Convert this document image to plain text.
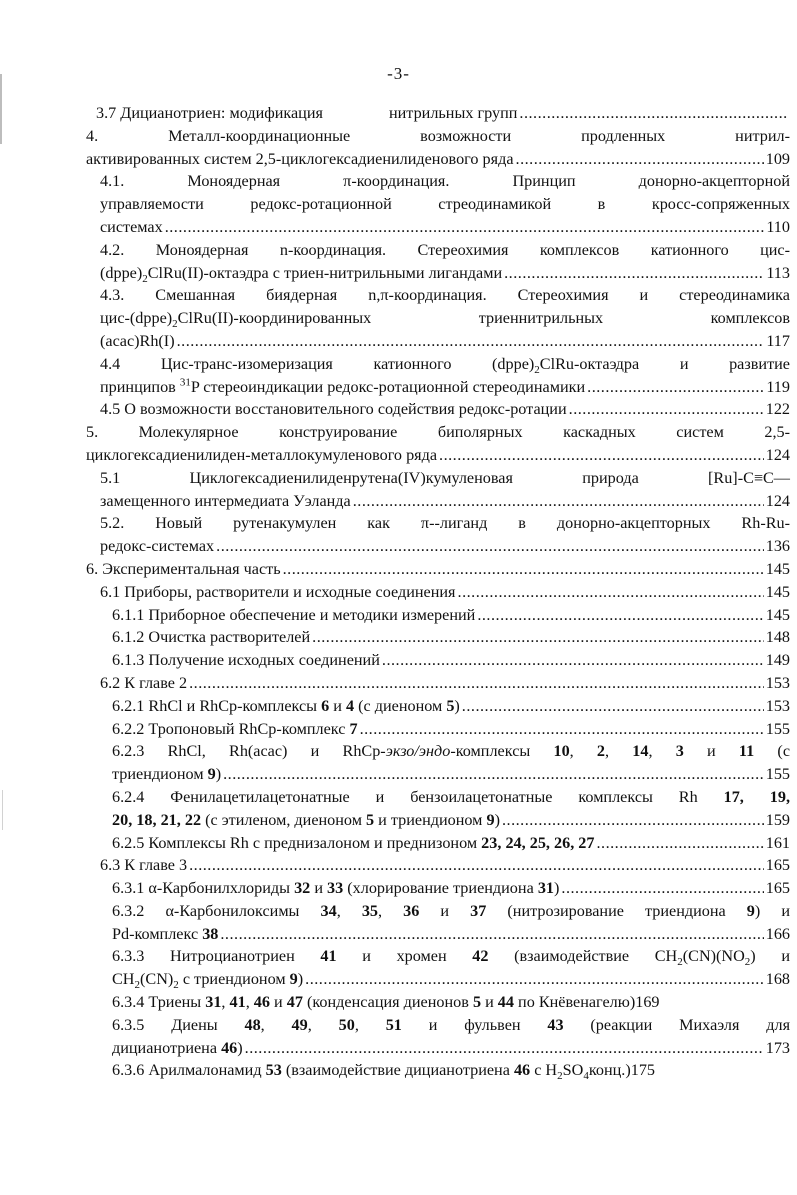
-3-
3.7 Дицианотриен: модификация	нитрильных групп
.....
4. Металл-координационные возможности продленных нитрил-
активированных систем 2,5-циклогексадиенилиденового ряда .....	109
4.1. Моноядерная π-координация. Принцип донорно-акцепторной
управляемости редокс-ротационной стреодинамикой в кросс-сопряженных
системах .....	110
4.2. Моноядерная n-координация. Стереохимия комплексов катионного цис-
$(dppe)_2ClRu(II)$-октаэдра с триен-нитрильными лигандами .....	113
4.3. Смешанная биядерная n,π-координация. Стереохимия и стереодинамика
цис-$(dppe)_2ClRu(II)$-координированных триеннитрильных комплексов
(acac)Rh(I) .....	117
4.4 Цис-транс-изомеризация катионного $(dppe)_2ClRu$-октаэдра и развитие
принципов $^{31}$P стереоиндикации редокс-ротационной стереодинамики .....	119
4.5 О возможности восстановительного содействия редокс-ротации .....	122
5. Молекулярное конструирование биполярных каскадных систем 2,5-
циклогексадиенилиден-металлокумуленового ряда .....	124
5.1 Циклогексадиенилиденрутена(IV)кумуленовая природа [Ru]-C≡C—
замещенного интермедиата Уэланда .....	124
5.2. Новый рутенакумулен как π--лиганд в донорно-акцепторных Rh-Ru-
редокс-системах .....	136
6. Экспериментальная часть .....	145
6.1 Приборы, растворители и исходные соединения .....	145
6.1.1 Приборное обеспечение и методики измерений .....	145
6.1.2 Очистка растворителей .....	148
6.1.3 Получение исходных соединений .....	149
6.2 К главе 2 .....	153
6.2.1 RhCl и RhCp-комплексы 6 и 4 (с диеноном 5) .....	153
6.2.2 Тропоновый RhCp-комплекс 7 .....	155
6.2.3 RhCl, Rh(acac) и RhCp-экзо/эндо-комплексы 10, 2, 14, 3 и 11 (с
триендионом 9) .....	155
6.2.4 Фенилацетилацетонатные и бензоилацетонатные комплексы Rh 17, 19,
20, 18, 21, 22 (с этиленом, диеноном 5 и триендионом 9) .....	159
6.2.5 Комплексы Rh с преднизалоном и преднизоном 23, 24, 25, 26, 27 .....	161
6.3 К главе 3 .....	165
6.3.1 α-Карбонилхлориды 32 и 33 (хлорирование триендиона 31) .....	165
6.3.2 α-Карбонилоксимы 34, 35, 36 и 37 (нитрозирование триендиона 9) и
Pd-комплекс 38 .....	166
6.3.3 Нитроцианотриен 41 и хромен 42 (взаимодействие $CH_2(CN)(NO_2)$ и
$CH_2(CN)_2$ с триендионом 9) .....	168
6.3.4 Триены 31, 41, 46 и 47 (конденсация диенонов 5 и 44 по Кнёвенагелю)169
6.3.5 Диены 48, 49, 50, 51 и фульвен 43 (реакции Михаэля для
дицианотриена 46) .....	173
6.3.6 Арилмалонамид 53 (взаимодействие дицианотриена 46 с $H_2SO_4конц.)175$
